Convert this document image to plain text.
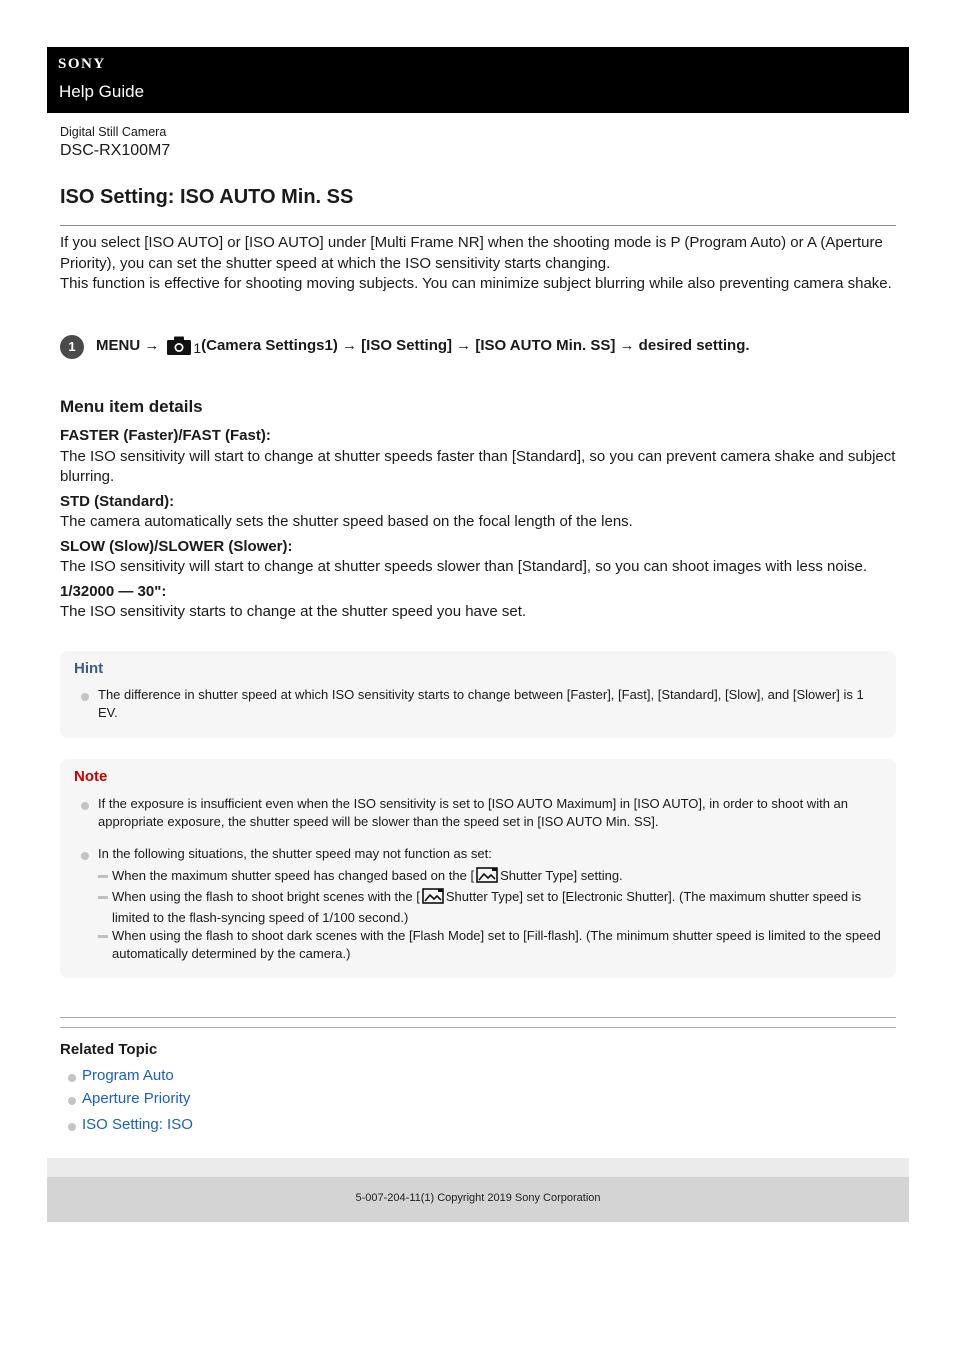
SONY
Help Guide
Digital Still Camera
DSC-RX100M7
ISO Setting: ISO AUTO Min. SS

If you select [ISO AUTO] or [ISO AUTO] under [Multi Frame NR] when the shooting mode is P (Program Auto) or A (Aperture Priority), you can set the shutter speed at which the ISO sensitivity starts changing.

This function is effective for shooting moving subjects. You can minimize subject blurring while also preventing camera shake.

1	MENU → 1 (Camera Settings1) → [ISO Setting] → [ISO AUTO Min. SS] → desired setting.
Menu item details
FASTER (Faster)/FAST (Fast):
The ISO sensitivity will start to change at shutter speeds faster than [Standard], so you can prevent camera shake and subject blurring.
STD (Standard):
The camera automatically sets the shutter speed based on the focal length of the lens.
SLOW (Slow)/SLOWER (Slower):
The ISO sensitivity will start to change at shutter speeds slower than [Standard], so you can shoot images with less noise.
1/32000 — 30":
The ISO sensitivity starts to change at the shutter speed you have set.
Hint
The difference in shutter speed at which ISO sensitivity starts to change between [Faster], [Fast], [Standard], [Slow], and [Slower] is 1 EV.
Note
If the exposure is insufficient even when the ISO sensitivity is set to [ISO AUTO Maximum] in [ISO AUTO], in order to shoot with an appropriate exposure, the shutter speed will be slower than the speed set in [ISO AUTO Min. SS].
In the following situations, the shutter speed may not function as set:
When the maximum shutter speed has changed based on the [ Shutter Type] setting.
When using the flash to shoot bright scenes with the [ Shutter Type] set to [Electronic Shutter]. (The maximum shutter speed is limited to the flash-syncing speed of 1/100 second.)
When using the flash to shoot dark scenes with the [Flash Mode] set to [Fill-flash]. (The minimum shutter speed is limited to the speed automatically determined by the camera.)
Related Topic
Program Auto
Aperture Priority
ISO Setting: ISO
5-007-204-11(1) Copyright 2019 Sony Corporation
